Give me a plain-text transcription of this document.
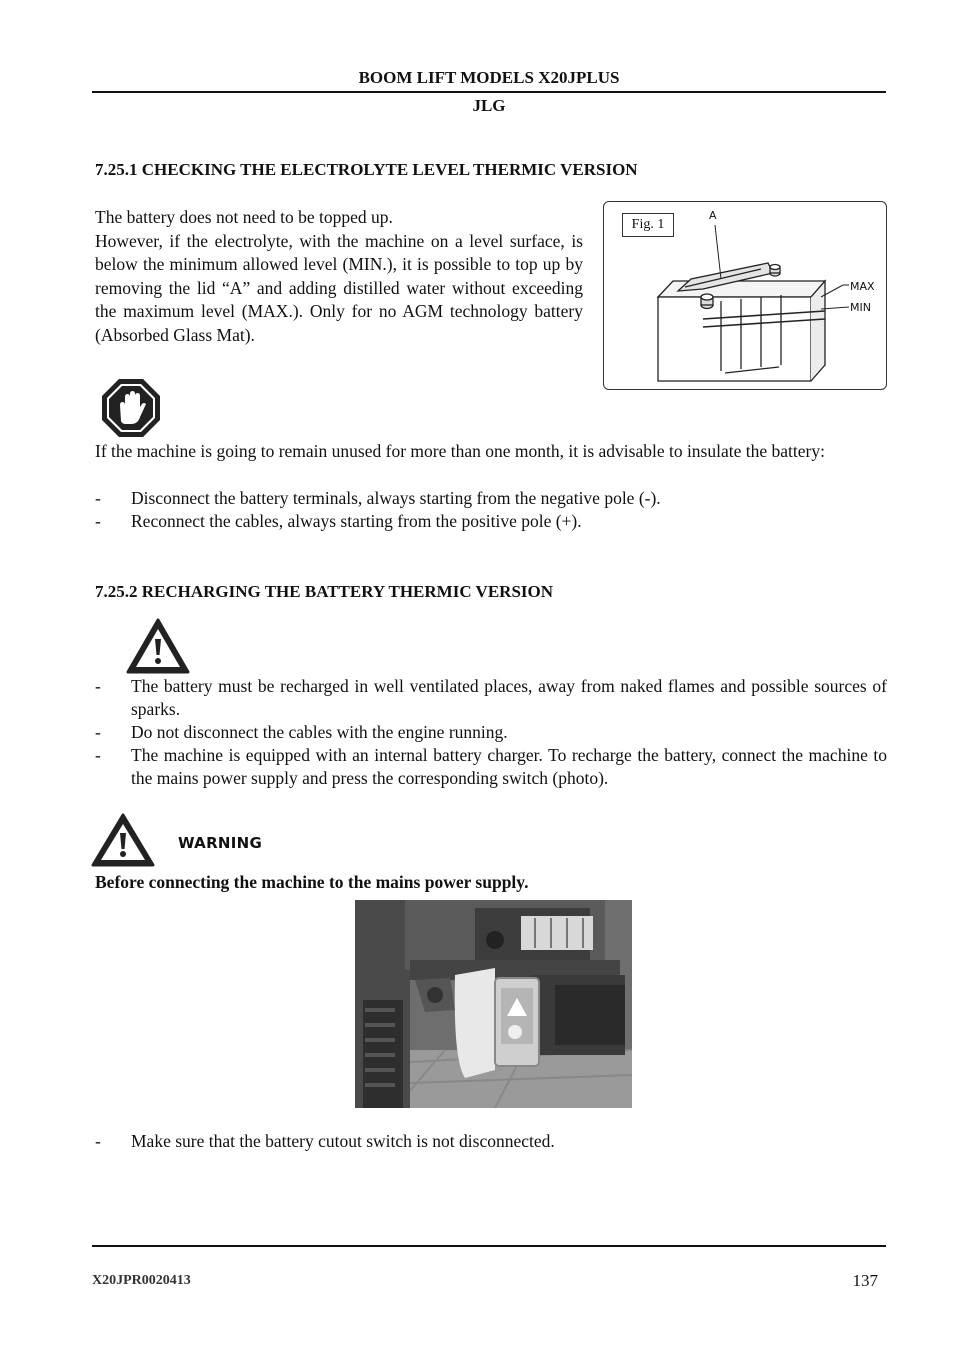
BOOM LIFT MODELS X20JPLUS
JLG
7.25.1 CHECKING THE ELECTROLYTE LEVEL THERMIC VERSION
The battery does not need to be topped up.
However, if the electrolyte, with the machine on a level surface, is below the minimum allowed level (MIN.), it is possible to top up by removing the lid “A” and adding distilled water without exceeding the maximum level (MAX.). Only for no AGM technology battery (Absorbed Glass Mat).
A
MAX
MIN
Fig. 1
If the machine is going to remain unused for more than one month, it is advisable to insulate the battery:
- Disconnect the battery terminals, always starting from the negative pole (-).
- Reconnect the cables, always starting from the positive pole (+).
7.25.2 RECHARGING THE BATTERY THERMIC VERSION
- The battery must be recharged in well ventilated places, away from naked flames and possible sources of sparks.
- Do not disconnect the cables with the engine running.
- The machine is equipped with an internal battery charger. To recharge the battery, connect the machine to the mains power supply and press the corresponding switch (photo).
WARNING
Before connecting the machine to the mains power supply.
- Make sure that the battery cutout switch is not disconnected.
X20JPR0020413	137
